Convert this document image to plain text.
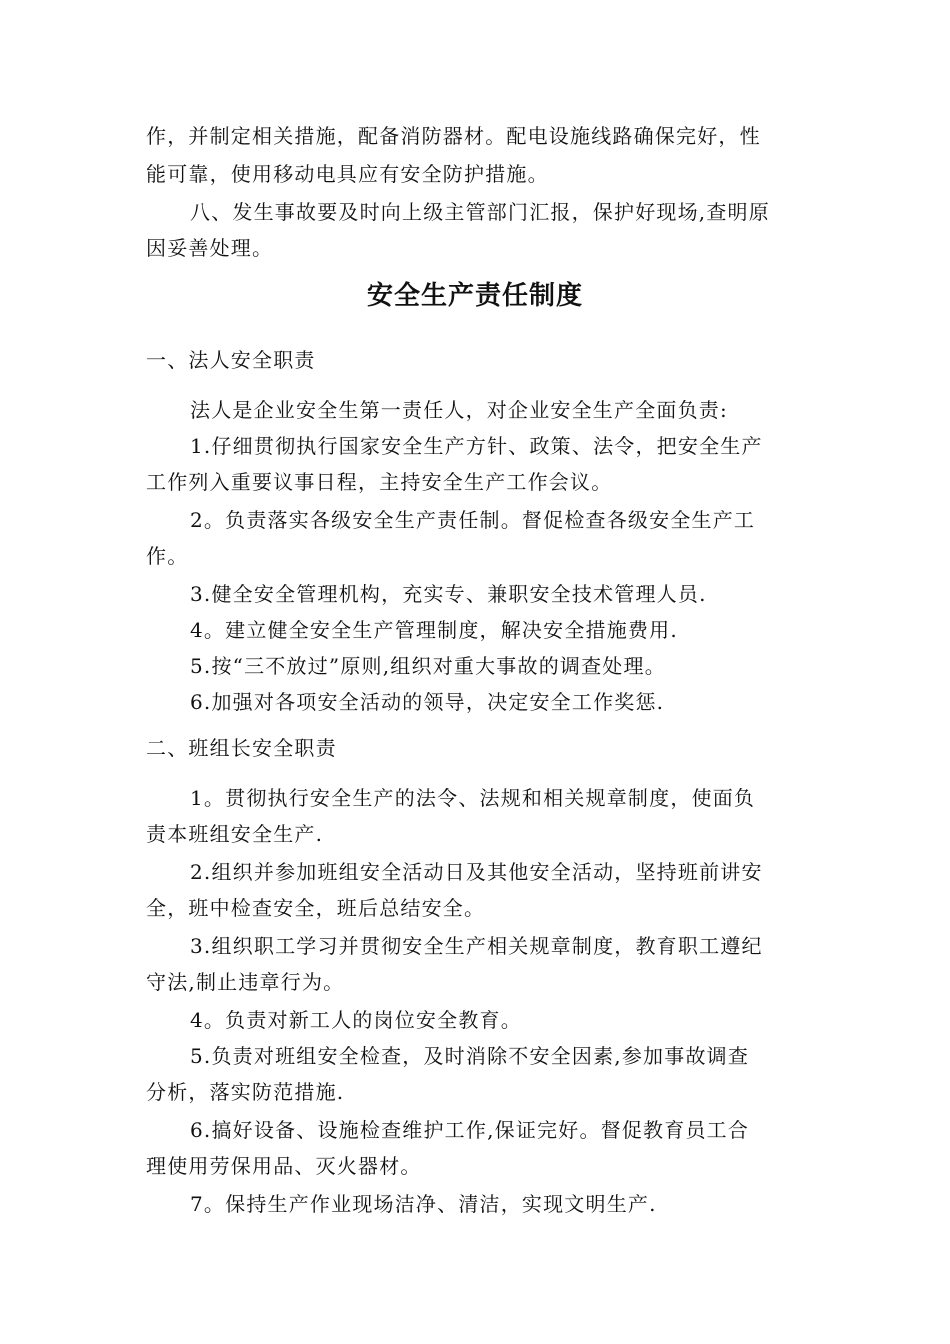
作，并制定相关措施，配备消防器材。配电设施线路确保完好，性
能可靠，使用移动电具应有安全防护措施。
八、发生事故要及时向上级主管部门汇报，保护好现场,查明原
因妥善处理。
安全生产责任制度
一、法人安全职责
法人是企业安全生第一责任人，对企业安全生产全面负责:
1.仔细贯彻执行国家安全生产方针、政策、法令，把安全生产
工作列入重要议事日程，主持安全生产工作会议。
2。负责落实各级安全生产责任制。督促检查各级安全生产工
作。
3.健全安全管理机构，充实专、兼职安全技术管理人员.
4。建立健全安全生产管理制度，解决安全措施费用.
5.按“三不放过”原则,组织对重大事故的调查处理。
6.加强对各项安全活动的领导，决定安全工作奖惩.
二、班组长安全职责
1。贯彻执行安全生产的法令、法规和相关规章制度，使面负
责本班组安全生产.
2.组织并参加班组安全活动日及其他安全活动，坚持班前讲安
全，班中检查安全，班后总结安全。
3.组织职工学习并贯彻安全生产相关规章制度，教育职工遵纪
守法,制止违章行为。
4。负责对新工人的岗位安全教育。
5.负责对班组安全检查，及时消除不安全因素,参加事故调查
分析，落实防范措施.
6.搞好设备、设施检查维护工作,保证完好。督促教育员工合
理使用劳保用品、灭火器材。
7。保持生产作业现场洁净、清洁，实现文明生产.
